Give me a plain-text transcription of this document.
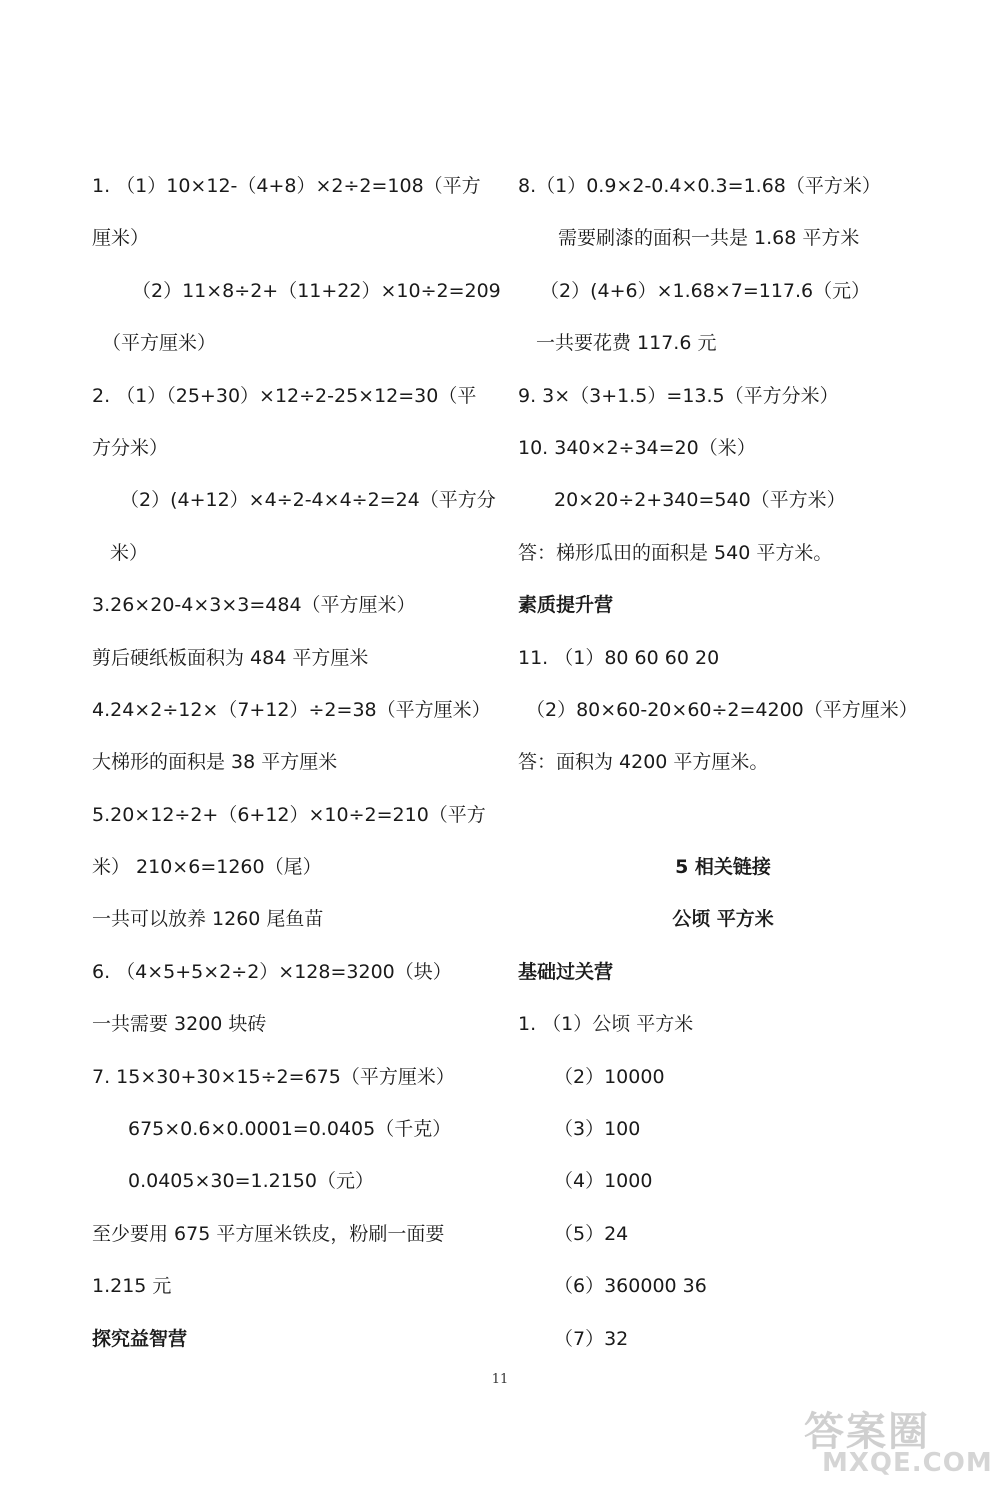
1. （1）10×12-（4+8）×2÷2=108（平方
厘米）
（2）11×8÷2+（11+22）×10÷2=209
（平方厘米）
2. （1）（25+30）×12÷2-25×12=30（平
方分米）
（2）(4+12）×4÷2-4×4÷2=24（平方分
米）
3.26×20-4×3×3=484（平方厘米）
剪后硬纸板面积为 484 平方厘米
4.24×2÷12×（7+12）÷2=38（平方厘米）
大梯形的面积是 38 平方厘米
5.20×12÷2+（6+12）×10÷2=210（平方
米） 210×6=1260（尾）
一共可以放养 1260 尾鱼苗
6. （4×5+5×2÷2）×128=3200（块）
一共需要 3200 块砖
7. 15×30+30×15÷2=675（平方厘米）
675×0.6×0.0001=0.0405（千克）
0.0405×30=1.2150（元）
至少要用 675 平方厘米铁皮，粉刷一面要
1.215 元
探究益智营
8.（1）0.9×2-0.4×0.3=1.68（平方米）
需要刷漆的面积一共是 1.68 平方米
（2）(4+6）×1.68×7=117.6（元）
一共要花费 117.6 元
9. 3×（3+1.5）=13.5（平方分米）
10. 340×2÷34=20（米）
20×20÷2+340=540（平方米）
答：梯形瓜田的面积是 540 平方米。
素质提升营
11. （1）80 60 60 20
（2）80×60-20×60÷2=4200（平方厘米）
答：面积为 4200 平方厘米。
5 相关链接
公顷 平方米
基础过关营
1. （1）公顷 平方米
（2）10000
（3）100
（4）1000
（5）24
（6）360000 36
（7）32
11
答案圈
MXQE.COM
